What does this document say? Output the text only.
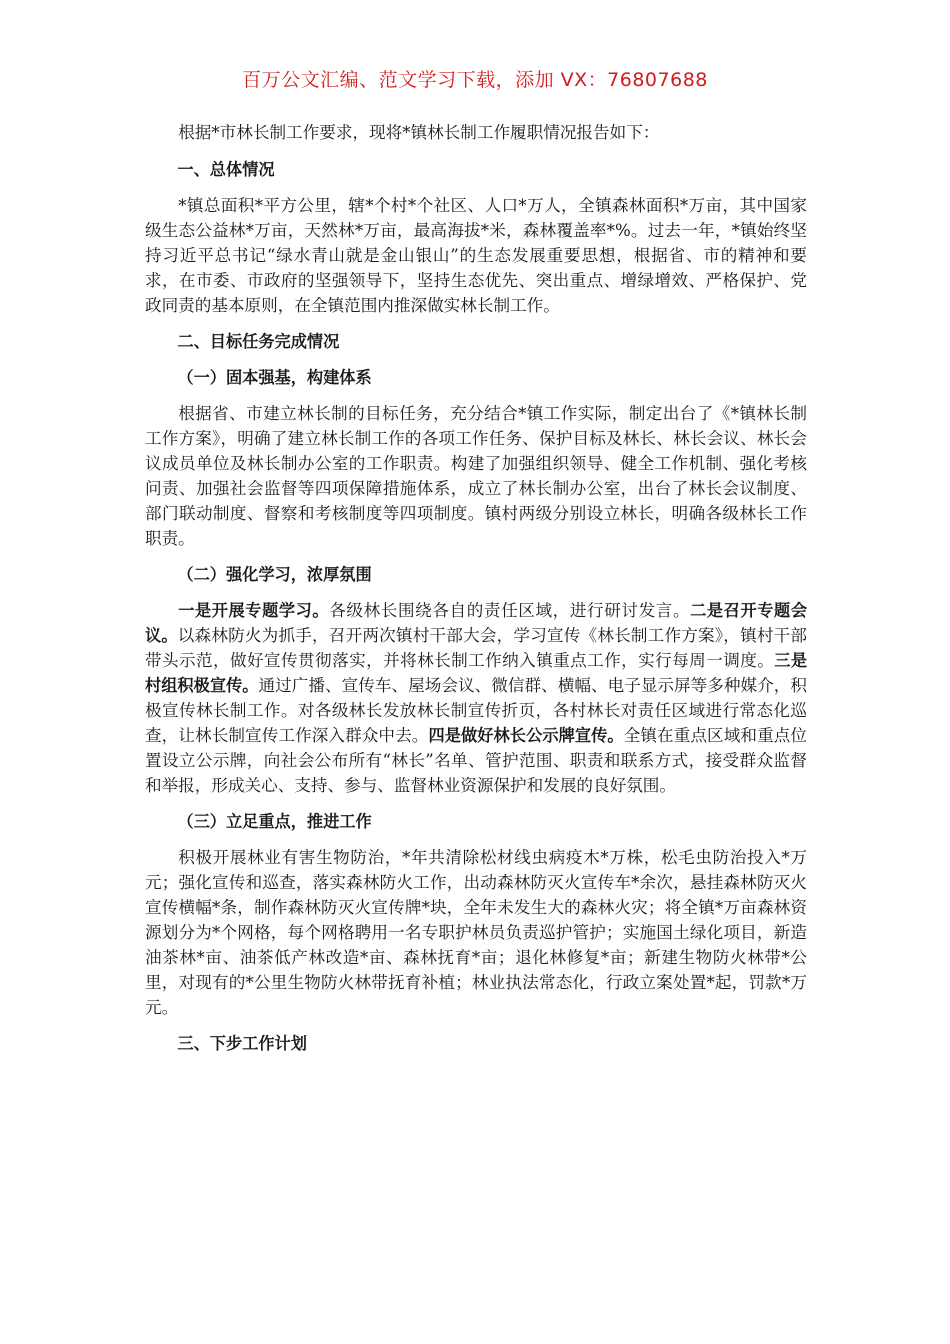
百万公文汇编、范文学习下载，添加 VX：76807688

根据*市林长制工作要求，现将*镇林长制工作履职情况报告如下：

一、总体情况

*镇总面积*平方公里，辖*个村*个社区、人口*万人，全镇森林面积*万亩，其中国家级生态公益林*万亩，天然林*万亩，最高海拔*米，森林覆盖率*%。过去一年，*镇始终坚持习近平总书记“绿水青山就是金山银山”的生态发展重要思想，根据省、市的精神和要求，在市委、市政府的坚强领导下，坚持生态优先、突出重点、增绿增效、严格保护、党政同责的基本原则，在全镇范围内推深做实林长制工作。

二、目标任务完成情况

（一）固本强基，构建体系

根据省、市建立林长制的目标任务，充分结合*镇工作实际，制定出台了《*镇林长制工作方案》，明确了建立林长制工作的各项工作任务、保护目标及林长、林长会议、林长会议成员单位及林长制办公室的工作职责。构建了加强组织领导、健全工作机制、强化考核问责、加强社会监督等四项保障措施体系，成立了林长制办公室，出台了林长会议制度、部门联动制度、督察和考核制度等四项制度。镇村两级分别设立林长，明确各级林长工作职责。

（二）强化学习，浓厚氛围

一是开展专题学习。各级林长围绕各自的责任区域，进行研讨发言。二是召开专题会议。以森林防火为抓手，召开两次镇村干部大会，学习宣传《林长制工作方案》，镇村干部带头示范，做好宣传贯彻落实，并将林长制工作纳入镇重点工作，实行每周一调度。三是村组积极宣传。通过广播、宣传车、屋场会议、微信群、横幅、电子显示屏等多种媒介，积极宣传林长制工作。对各级林长发放林长制宣传折页，各村林长对责任区域进行常态化巡查，让林长制宣传工作深入群众中去。四是做好林长公示牌宣传。全镇在重点区域和重点位置设立公示牌，向社会公布所有“林长”名单、管护范围、职责和联系方式，接受群众监督和举报，形成关心、支持、参与、监督林业资源保护和发展的良好氛围。

（三）立足重点，推进工作

积极开展林业有害生物防治，*年共清除松材线虫病疫木*万株，松毛虫防治投入*万元；强化宣传和巡查，落实森林防火工作，出动森林防灭火宣传车*余次，悬挂森林防灭火宣传横幅*条，制作森林防灭火宣传牌*块，全年未发生大的森林火灾；将全镇*万亩森林资源划分为*个网格，每个网格聘用一名专职护林员负责巡护管护；实施国土绿化项目，新造油茶林*亩、油茶低产林改造*亩、森林抚育*亩；退化林修复*亩；新建生物防火林带*公里，对现有的*公里生物防火林带抚育补植；林业执法常态化，行政立案处置*起，罚款*万元。

三、下步工作计划
